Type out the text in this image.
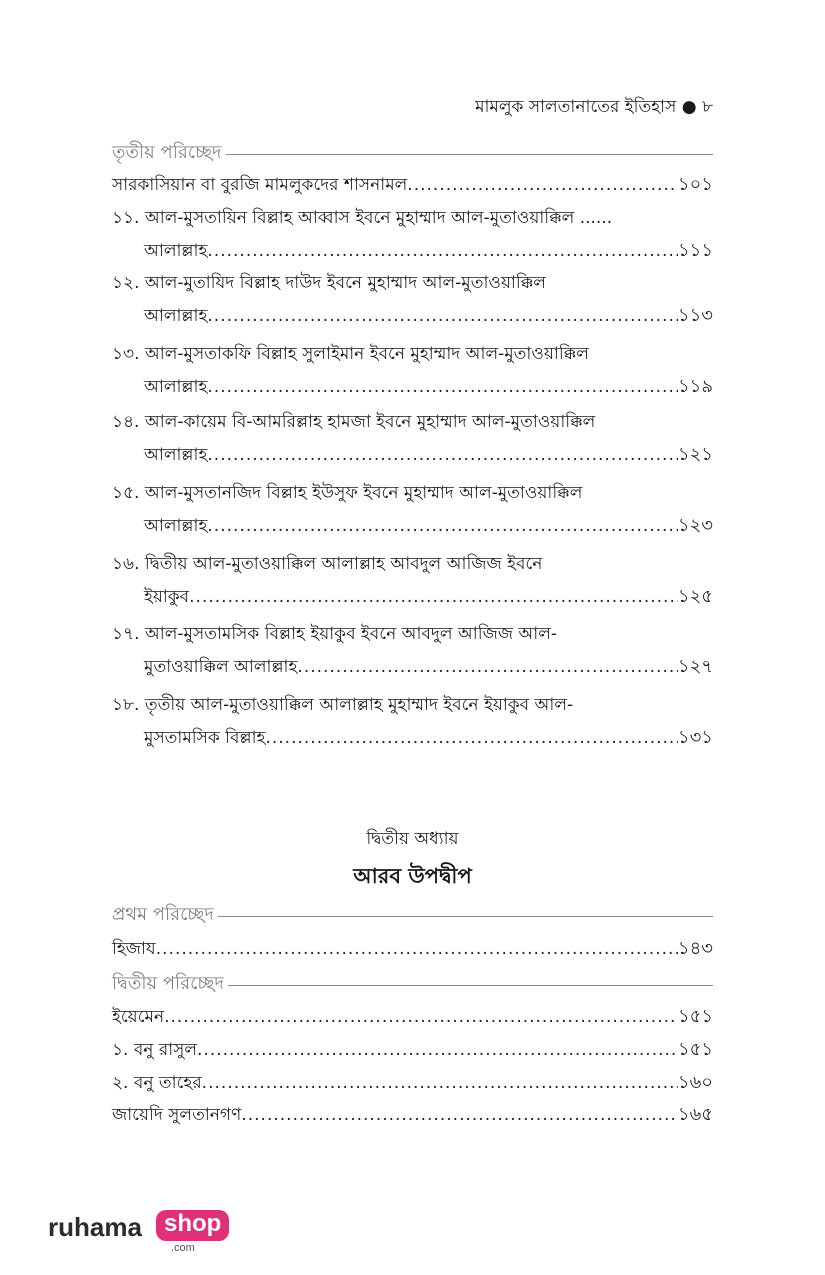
মামলুক সালতানাতের ইতিহাস ● ৮
তৃতীয় পরিচ্ছেদ
সারকাসিয়ান বা বুরজি মামলুকদের শাসনামল .....	১০১
১১. আল-মুসতায়িন বিল্লাহ আব্বাস ইবনে মুহাম্মাদ আল-মুতাওয়াক্কিল ......
আলাল্লাহ .....	১১১
১২. আল-মুতাযিদ বিল্লাহ দাউদ ইবনে মুহাম্মাদ আল-মুতাওয়াক্কিল
আলাল্লাহ .....	১১৩
১৩. আল-মুসতাকফি বিল্লাহ সুলাইমান ইবনে মুহাম্মাদ আল-মুতাওয়াক্কিল
আলাল্লাহ .....	১১৯
১৪. আল-কায়েম বি-আমরিল্লাহ হামজা ইবনে মুহাম্মাদ আল-মুতাওয়াক্কিল
আলাল্লাহ .....	১২১
১৫. আল-মুসতানজিদ বিল্লাহ ইউসুফ ইবনে মুহাম্মাদ আল-মুতাওয়াক্কিল
আলাল্লাহ .....	১২৩
১৬. দ্বিতীয় আল-মুতাওয়াক্কিল আলাল্লাহ আবদুল আজিজ ইবনে
ইয়াকুব .....	১২৫
১৭. আল-মুসতামসিক বিল্লাহ ইয়াকুব ইবনে আবদুল আজিজ আল-
মুতাওয়াক্কিল আলাল্লাহ .....	১২৭
১৮. তৃতীয় আল-মুতাওয়াক্কিল আলাল্লাহ মুহাম্মাদ ইবনে ইয়াকুব আল-
মুসতামসিক বিল্লাহ .....	১৩১
দ্বিতীয় অধ্যায়
আরব উপদ্বীপ
প্রথম পরিচ্ছেদ
হিজায .....	১৪৩
দ্বিতীয় পরিচ্ছেদ
ইয়েমেন .....	১৫১
১. বনু রাসুল .....	১৫১
২. বনু তাহের .....	১৬০
জায়েদি সুলতানগণ .....	১৬৫
ruhama shop
.com
